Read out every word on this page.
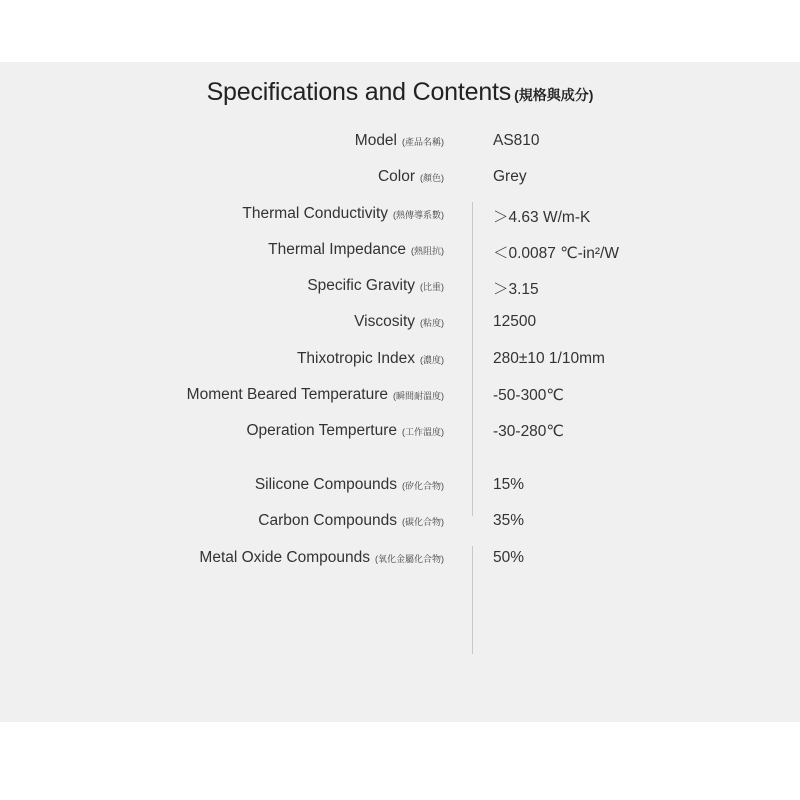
Specifications and Contents (規格與成分)
Model (產品名稱)	AS810
Color (顏色)	Grey
Thermal Conductivity (熱傳導系數)	＞4.63 W/m-K
Thermal Impedance (熱阻抗)	＜0.0087 ℃-in²/W
Specific Gravity (比重)	＞3.15
Viscosity (粘度)	12500
Thixotropic Index (濃度)	280±10 1/10mm
Moment Beared Temperature (瞬間耐溫度)	-50-300℃
Operation Temperture (工作溫度)	-30-280℃
Silicone Compounds (矽化合物)	15%
Carbon Compounds (碳化合物)	35%
Metal Oxide Compounds (氧化金屬化合物)	50%
